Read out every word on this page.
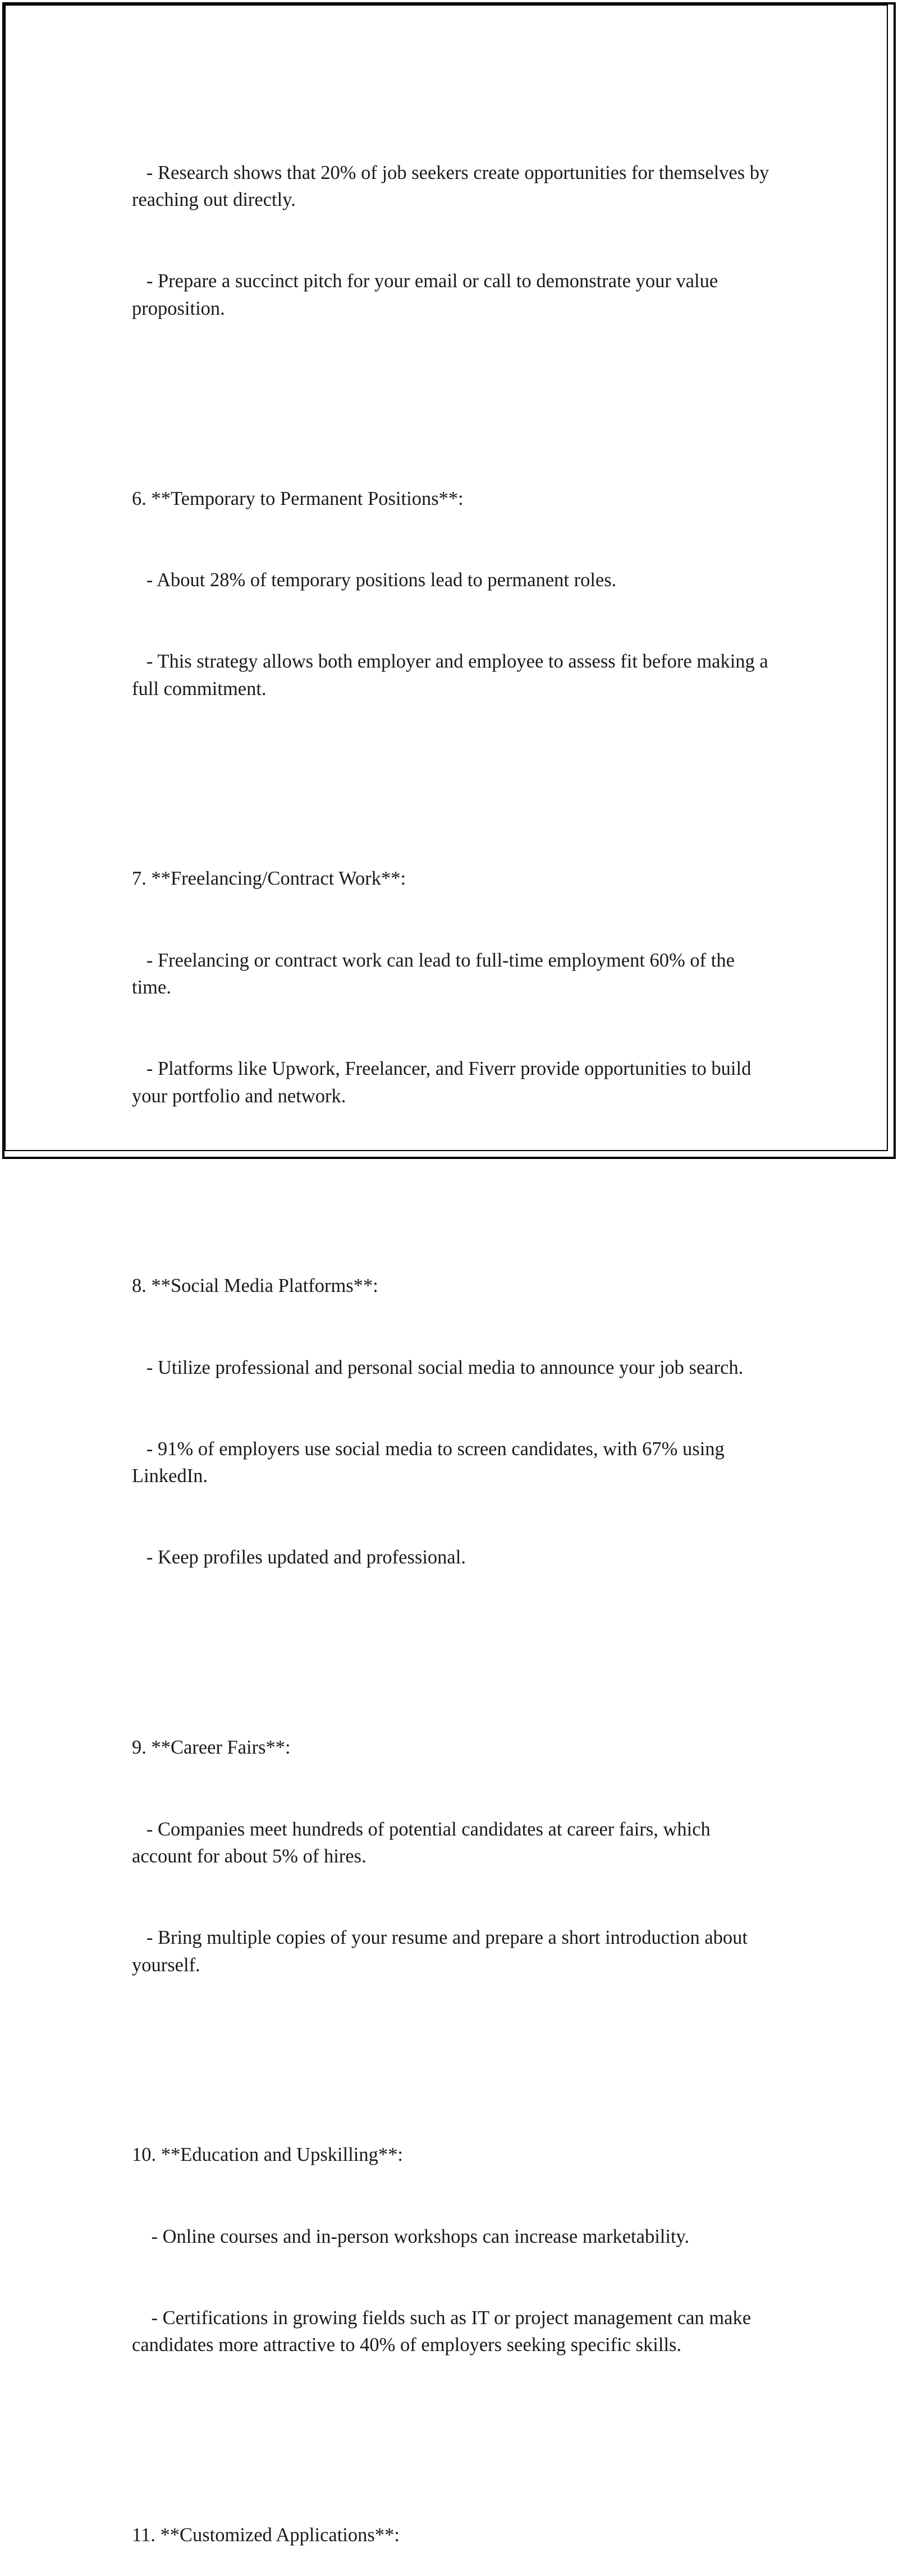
- Research shows that 20% of job seekers create opportunities for themselves by reaching out directly.

- Prepare a succinct pitch for your email or call to demonstrate your value proposition.

6. **Temporary to Permanent Positions**:

- About 28% of temporary positions lead to permanent roles.

- This strategy allows both employer and employee to assess fit before making a full commitment.

7. **Freelancing/Contract Work**:

- Freelancing or contract work can lead to full-time employment 60% of the time.

- Platforms like Upwork, Freelancer, and Fiverr provide opportunities to build your portfolio and network.

8. **Social Media Platforms**:

- Utilize professional and personal social media to announce your job search.

- 91% of employers use social media to screen candidates, with 67% using LinkedIn.

- Keep profiles updated and professional.

9. **Career Fairs**:

- Companies meet hundreds of potential candidates at career fairs, which account for about 5% of hires.

- Bring multiple copies of your resume and prepare a short introduction about yourself.

10. **Education and Upskilling**:

- Online courses and in-person workshops can increase marketability.

- Certifications in growing fields such as IT or project management can make candidates more attractive to 40% of employers seeking specific skills.

11. **Customized Applications**:
